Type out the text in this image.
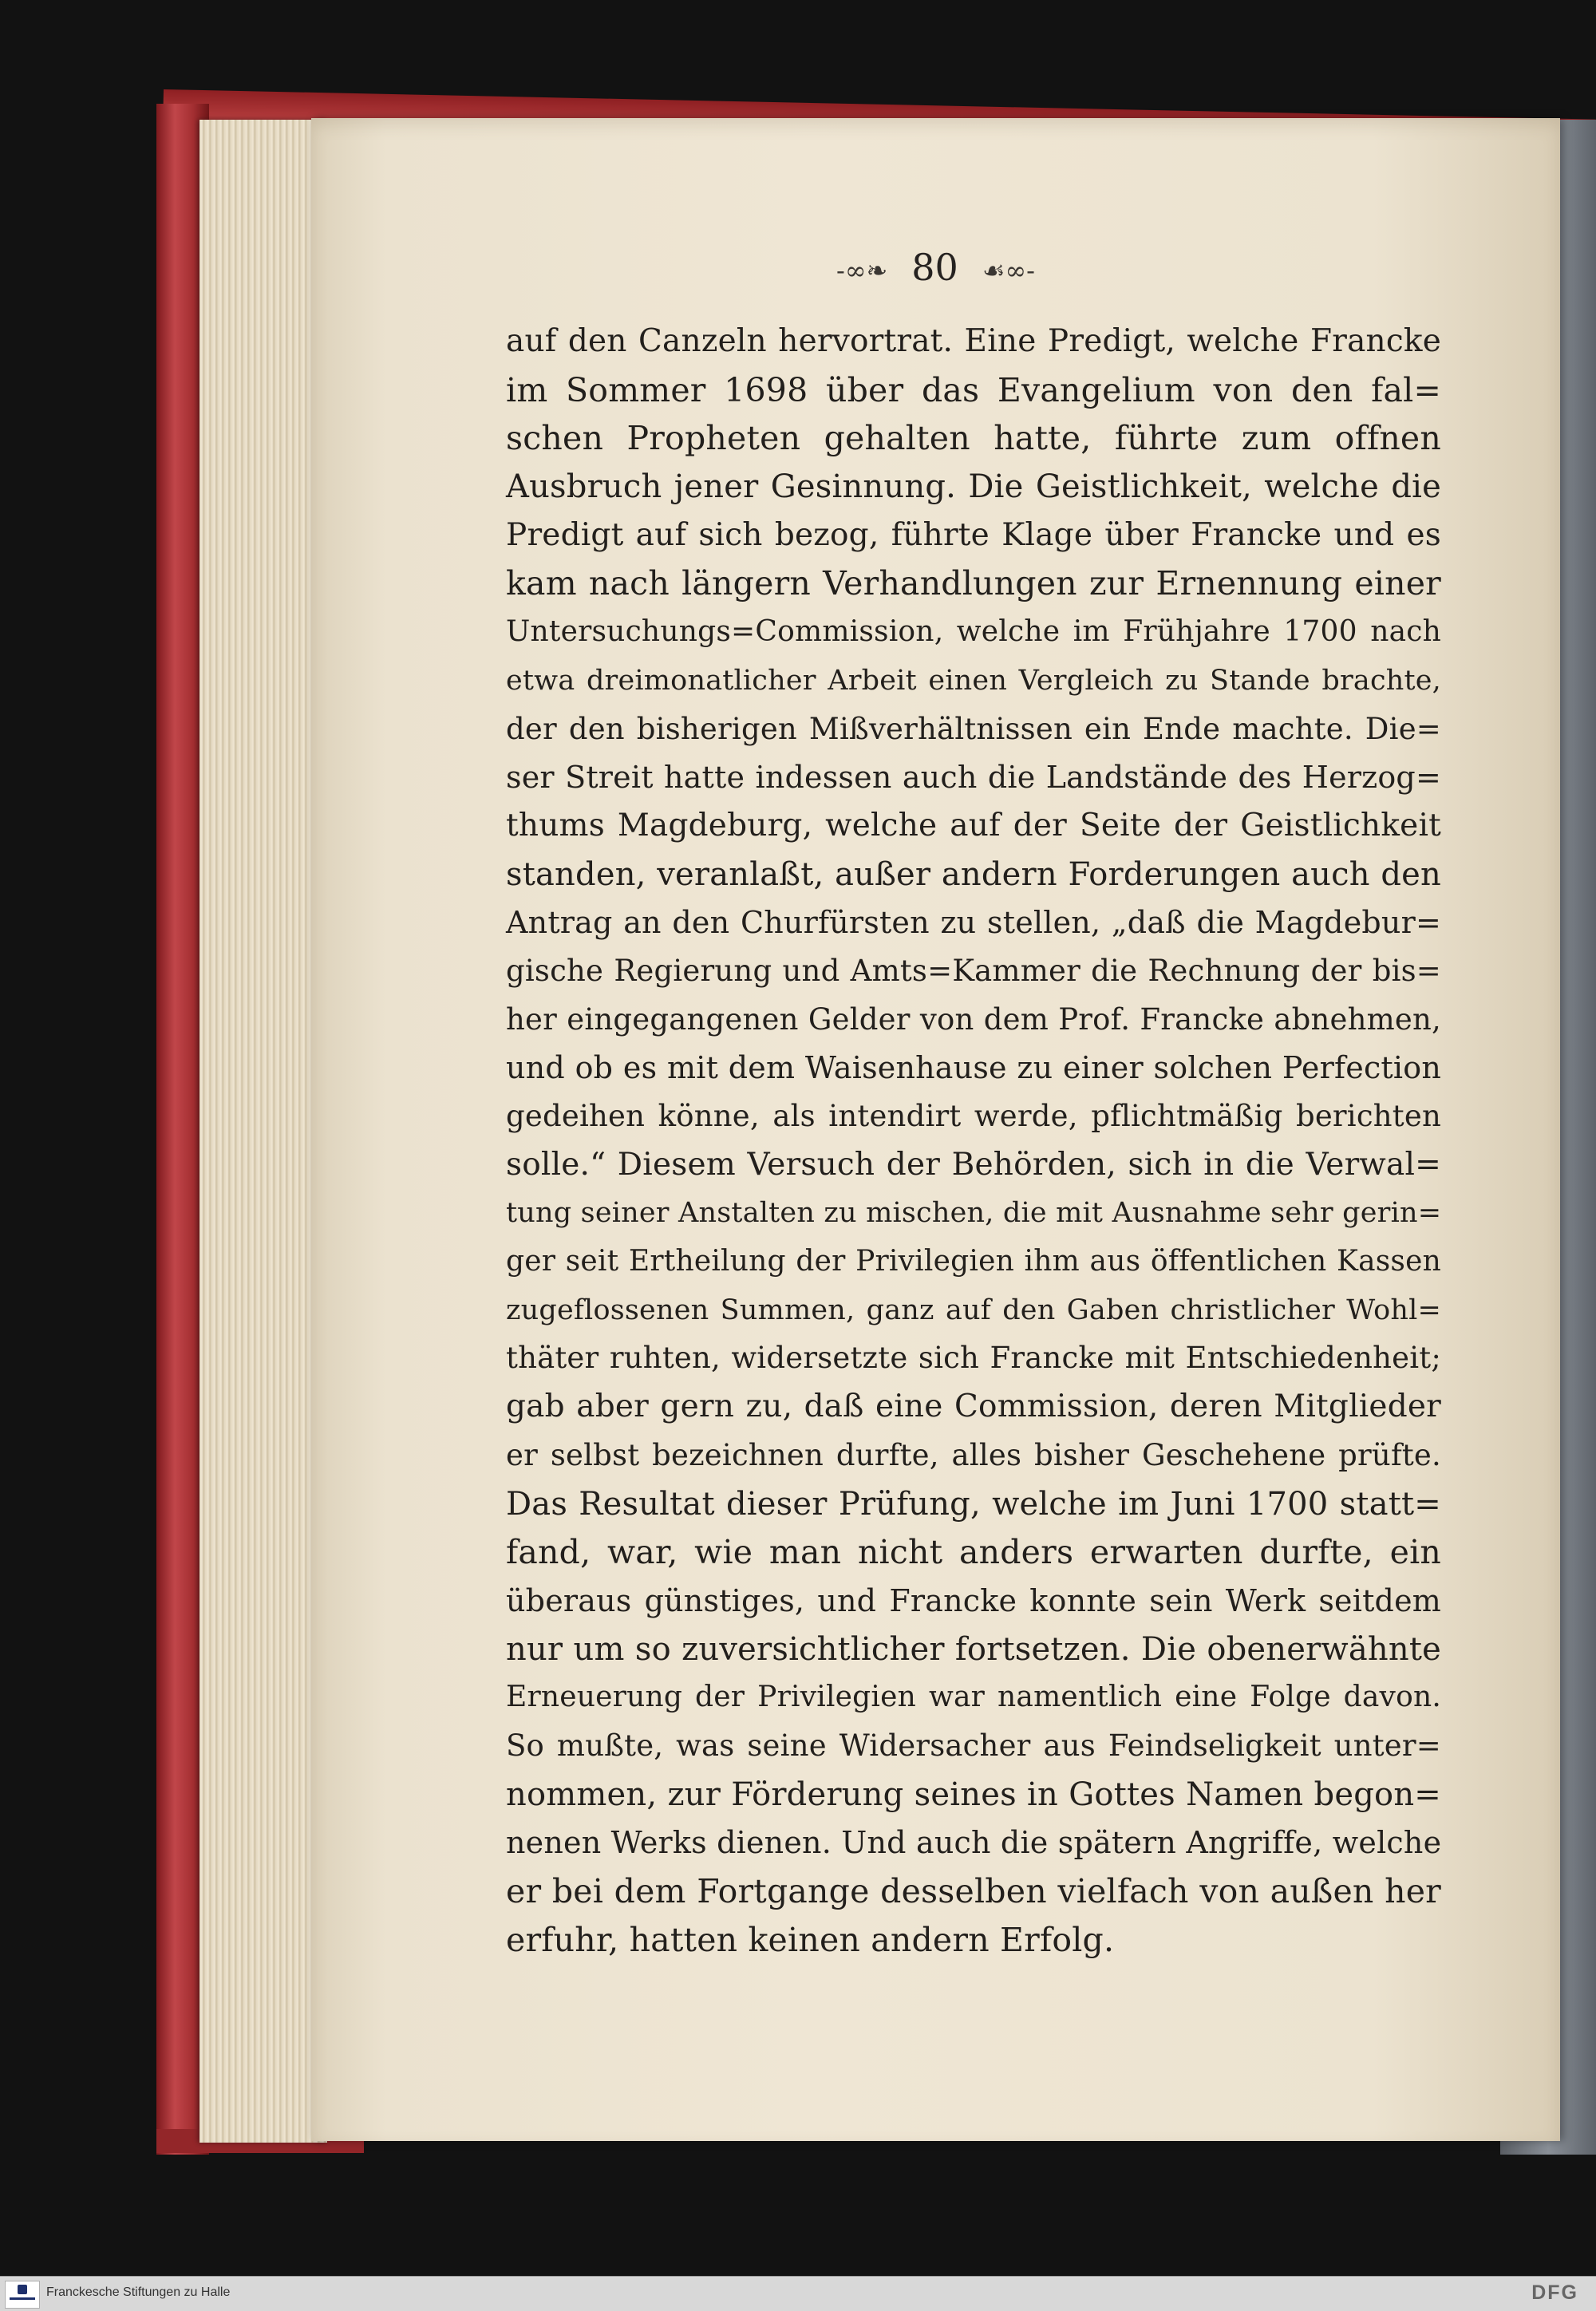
-∞❧ 80 ☙∞-
auf den Canzeln hervortrat. Eine Predigt, welche Francke
im Sommer 1698 über das Evangelium von den fal=
schen Propheten gehalten hatte, führte zum offnen
Ausbruch jener Gesinnung. Die Geistlichkeit, welche die
Predigt auf sich bezog, führte Klage über Francke und es
kam nach längern Verhandlungen zur Ernennung einer
Untersuchungs=Commission, welche im Frühjahre 1700 nach
etwa dreimonatlicher Arbeit einen Vergleich zu Stande brachte,
der den bisherigen Mißverhältnissen ein Ende machte. Die=
ser Streit hatte indessen auch die Landstände des Herzog=
thums Magdeburg, welche auf der Seite der Geistlichkeit
standen, veranlaßt, außer andern Forderungen auch den
Antrag an den Churfürsten zu stellen, „daß die Magdebur=
gische Regierung und Amts=Kammer die Rechnung der bis=
her eingegangenen Gelder von dem Prof. Francke abnehmen,
und ob es mit dem Waisenhause zu einer solchen Perfection
gedeihen könne, als intendirt werde, pflichtmäßig berichten
solle.“ Diesem Versuch der Behörden, sich in die Verwal=
tung seiner Anstalten zu mischen, die mit Ausnahme sehr gerin=
ger seit Ertheilung der Privilegien ihm aus öffentlichen Kassen
zugeflossenen Summen, ganz auf den Gaben christlicher Wohl=
thäter ruhten, widersetzte sich Francke mit Entschiedenheit;
gab aber gern zu, daß eine Commission, deren Mitglieder
er selbst bezeichnen durfte, alles bisher Geschehene prüfte.
Das Resultat dieser Prüfung, welche im Juni 1700 statt=
fand, war, wie man nicht anders erwarten durfte, ein
überaus günstiges, und Francke konnte sein Werk seitdem
nur um so zuversichtlicher fortsetzen. Die obenerwähnte
Erneuerung der Privilegien war namentlich eine Folge davon.
So mußte, was seine Widersacher aus Feindseligkeit unter=
nommen, zur Förderung seines in Gottes Namen begon=
nenen Werks dienen. Und auch die spätern Angriffe, welche
er bei dem Fortgange desselben vielfach von außen her
erfuhr, hatten keinen andern Erfolg.
Franckesche Stiftungen zu Halle	DFG
